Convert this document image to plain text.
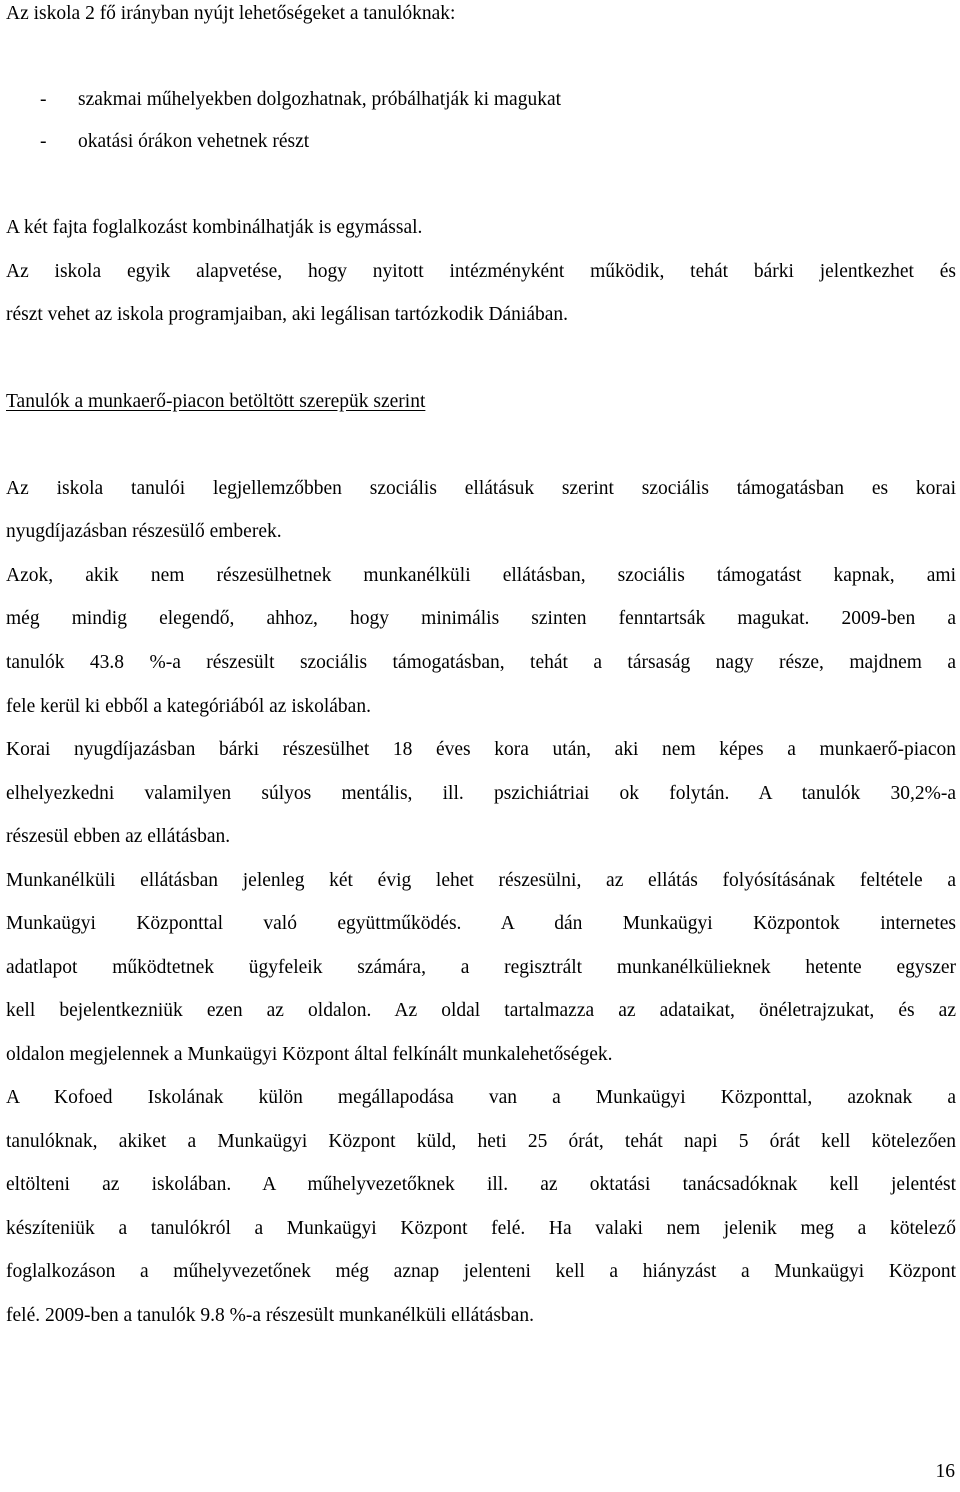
Az iskola 2 fő irányban nyújt lehetőségeket a tanulóknak:
- szakmai műhelyekben dolgozhatnak, próbálhatják ki magukat
- okatási órákon vehetnek részt
A két fajta foglalkozást kombinálhatják is egymással.
Az iskola egyik alapvetése, hogy nyitott intézményként működik, tehát bárki jelentkezhet és
részt vehet az iskola programjaiban, aki legálisan tartózkodik Dániában.
Tanulók a munkaerő-piacon betöltött szerepük szerint
Az iskola tanulói legjellemzőbben szociális ellátásuk szerint szociális támogatásban es korai
nyugdíjazásban részesülő emberek.
Azok, akik nem részesülhetnek munkanélküli ellátásban, szociális támogatást kapnak, ami
még mindig elegendő, ahhoz, hogy minimális szinten fenntartsák magukat. 2009-ben a
tanulók 43.8 %-a részesült szociális támogatásban, tehát a társaság nagy része, majdnem a
fele kerül ki ebből a kategóriából az iskolában.
Korai nyugdíjazásban bárki részesülhet 18 éves kora után, aki nem képes a munkaerő-piacon
elhelyezkedni valamilyen súlyos mentális, ill. pszichiátriai ok folytán. A tanulók 30,2%-a
részesül ebben az ellátásban.
Munkanélküli ellátásban jelenleg két évig lehet részesülni, az ellátás folyósításának feltétele a
Munkaügyi Központtal való együttműködés. A dán Munkaügyi Központok internetes
adatlapot működtetnek ügyfeleik számára, a regisztrált munkanélkülieknek hetente egyszer
kell bejelentkezniük ezen az oldalon. Az oldal tartalmazza az adataikat, önéletrajzukat, és az
oldalon megjelennek a Munkaügyi Központ által felkínált munkalehetőségek.
A Kofoed Iskolának külön megállapodása van a Munkaügyi Központtal, azoknak a
tanulóknak, akiket a Munkaügyi Központ küld, heti 25 órát, tehát napi 5 órát kell kötelezően
eltölteni az iskolában. A műhelyvezetőknek ill. az oktatási tanácsadóknak kell jelentést
készíteniük a tanulókról a Munkaügyi Központ felé. Ha valaki nem jelenik meg a kötelező
foglalkozáson a műhelyvezetőnek még aznap jelenteni kell a hiányzást a Munkaügyi Központ
felé. 2009-ben a tanulók 9.8 %-a részesült munkanélküli ellátásban.
16
